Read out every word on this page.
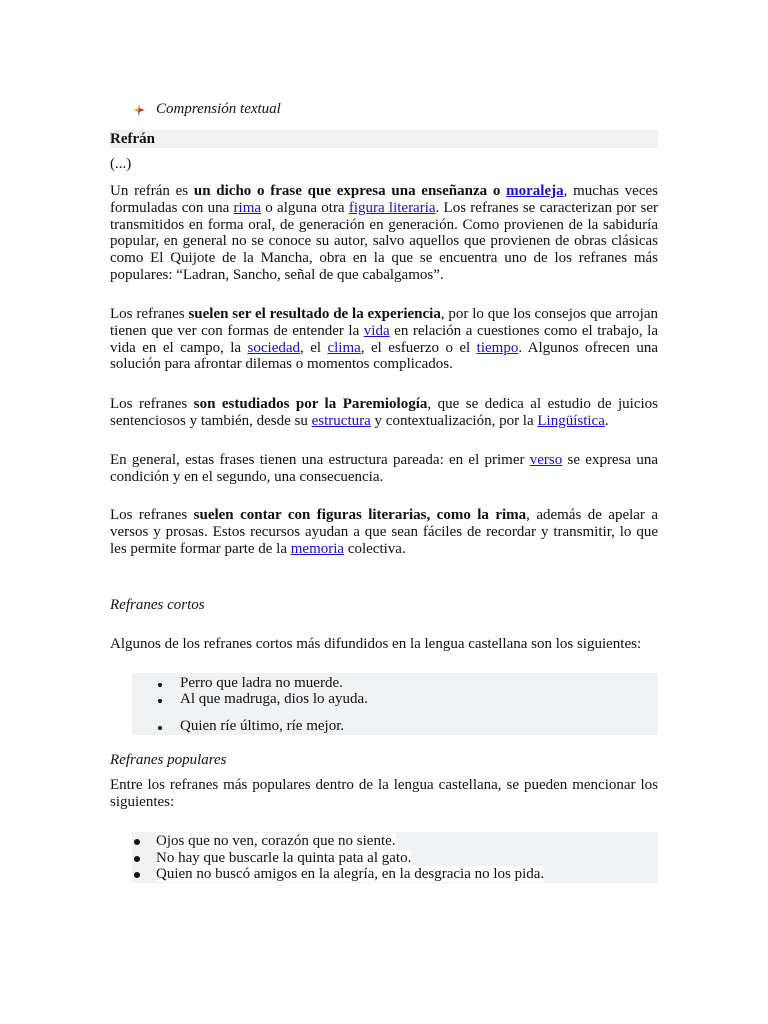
Comprensión textual
Refrán
(...)

Un refrán es un dicho o frase que expresa una enseñanza o moraleja, muchas veces formuladas con una rima o alguna otra figura literaria. Los refranes se caracterizan por ser transmitidos en forma oral, de generación en generación. Como provienen de la sabiduría popular, en general no se conoce su autor, salvo aquellos que provienen de obras clásicas como El Quijote de la Mancha, obra en la que se encuentra uno de los refranes más populares: “Ladran, Sancho, señal de que cabalgamos”.

Los refranes suelen ser el resultado de la experiencia, por lo que los consejos que arrojan tienen que ver con formas de entender la vida en relación a cuestiones como el trabajo, la vida en el campo, la sociedad, el clima, el esfuerzo o el tiempo. Algunos ofrecen una solución para afrontar dilemas o momentos complicados.

Los refranes son estudiados por la Paremiología, que se dedica al estudio de juicios sentenciosos y también, desde su estructura y contextualización, por la Lingüística.

En general, estas frases tienen una estructura pareada: en el primer verso se expresa una condición y en el segundo, una consecuencia.

Los refranes suelen contar con figuras literarias, como la rima, además de apelar a versos y prosas. Estos recursos ayudan a que sean fáciles de recordar y transmitir, lo que les permite formar parte de la memoria colectiva.

Refranes cortos
Algunos de los refranes cortos más difundidos en la lengua castellana son los siguientes:
Perro que ladra no muerde.
Al que madruga, dios lo ayuda.
Quien ríe último, ríe mejor.
Refranes populares

Entre los refranes más populares dentro de la lengua castellana, se pueden mencionar los siguientes:

Ojos que no ven, corazón que no siente.
No hay que buscarle la quinta pata al gato.
Quien no buscó amigos en la alegría, en la desgracia no los pida.
